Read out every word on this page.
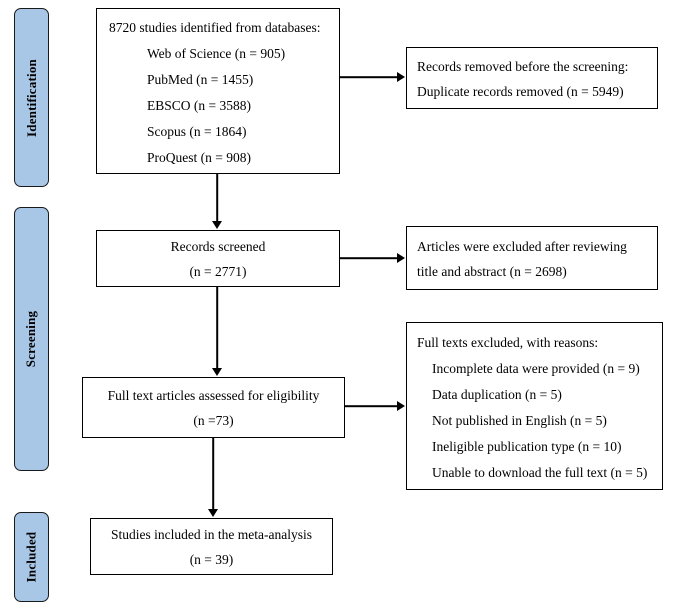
Identification
Screening
Included
8720 studies identified from databases:
Web of Science (n = 905)
PubMed (n = 1455)
EBSCO (n = 3588)
Scopus (n = 1864)
ProQuest (n = 908)
Records removed before the screening:
Duplicate records removed (n = 5949)
Records screened
(n = 2771)
Articles were excluded after reviewing
title and abstract (n = 2698)
Full text articles assessed for eligibility
(n =73)
Full texts excluded, with reasons:
Incomplete data were provided (n = 9)
Data duplication (n = 5)
Not published in English (n = 5)
Ineligible publication type (n = 10)
Unable to download the full text (n = 5)
Studies included in the meta-analysis
(n = 39)
